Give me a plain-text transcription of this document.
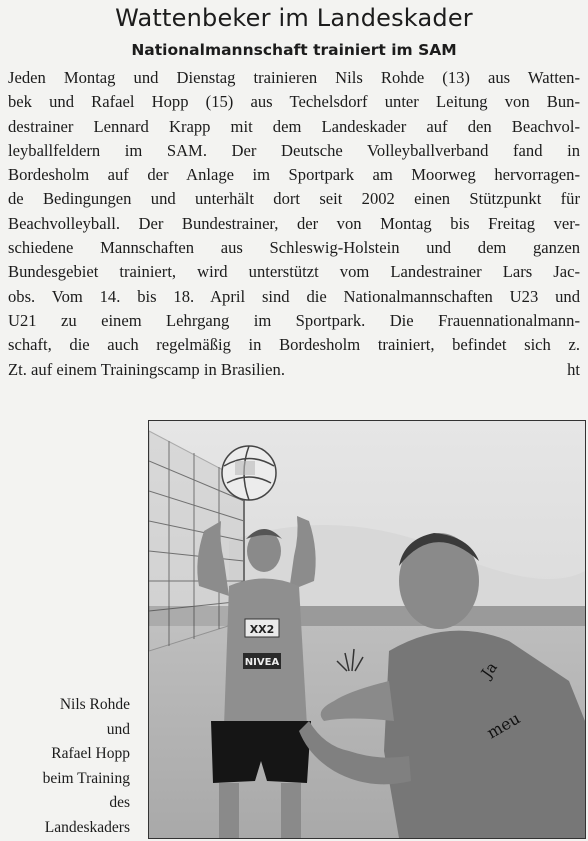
Wattenbeker im Landeskader
Nationalmannschaft trainiert im SAM
Jeden Montag und Dienstag trainieren Nils Rohde (13) aus Watten-
bek und Rafael Hopp (15) aus Techelsdorf unter Leitung von Bun-
destrainer Lennard Krapp mit dem Landeskader auf den Beachvol-
leyballfeldern im SAM. Der Deutsche Volleyballverband fand in
Bordesholm auf der Anlage im Sportpark am Moorweg hervorragen-
de Bedingungen und unterhält dort seit 2002 einen Stützpunkt für
Beachvolleyball. Der Bundestrainer, der von Montag bis Freitag ver-
schiedene Mannschaften aus Schleswig-Holstein und dem ganzen
Bundesgebiet trainiert, wird unterstützt vom Landestrainer Lars Jac-
obs. Vom 14. bis 18. April sind die Nationalmannschaften U23 und
U21 zu einem Lehrgang im Sportpark. Die Frauennationalmann-
schaft, die auch regelmäßig in Bordesholm trainiert, befindet sich z.
Zt. auf einem Trainingscamp in Brasilien.	ht
XX2
NIVEA	Ja
meu
Nils Rohde
und
Rafael Hopp
beim Training
des
Landeskaders
